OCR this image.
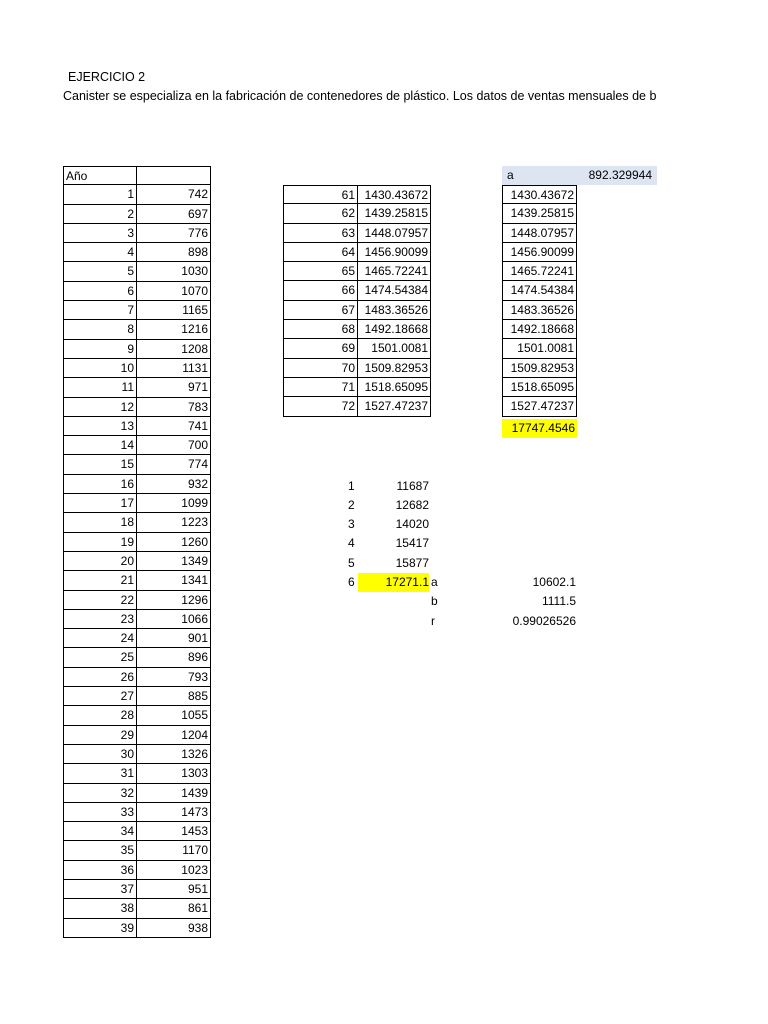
EJERCICIO 2
Canister se especializa en la fabricación de contenedores de plástico. Los datos de ventas mensuales de b
Año
1	742
2	697
3	776
4	898
5	1030
6	1070
7	1165
8	1216
9	1208
10	1131
11	971
12	783
13	741
14	700
15	774
16	932
17	1099
18	1223
19	1260
20	1349
21	1341
22	1296
23	1066
24	901
25	896
26	793
27	885
28	1055
29	1204
30	1326
31	1303
32	1439
33	1473
34	1453
35	1170
36	1023
37	951
38	861
39	938
61 1430.43672
62 1439.25815
63 1448.07957
64 1456.90099
65 1465.72241
66 1474.54384
67 1483.36526
68 1492.18668
69	1501.0081
70 1509.82953
71 1518.65095
72 1527.47237
a	892.329944
1430.43672
1439.25815
1448.07957
1456.90099
1465.72241
1474.54384
1483.36526
1492.18668
1501.0081
1509.82953
1518.65095
1527.47237
17747.4546
1	11687
2	12682
3	14020
4	15417
5	15877
6	17271.1 a	10602.1
b	1111.5
r	0.99026526
